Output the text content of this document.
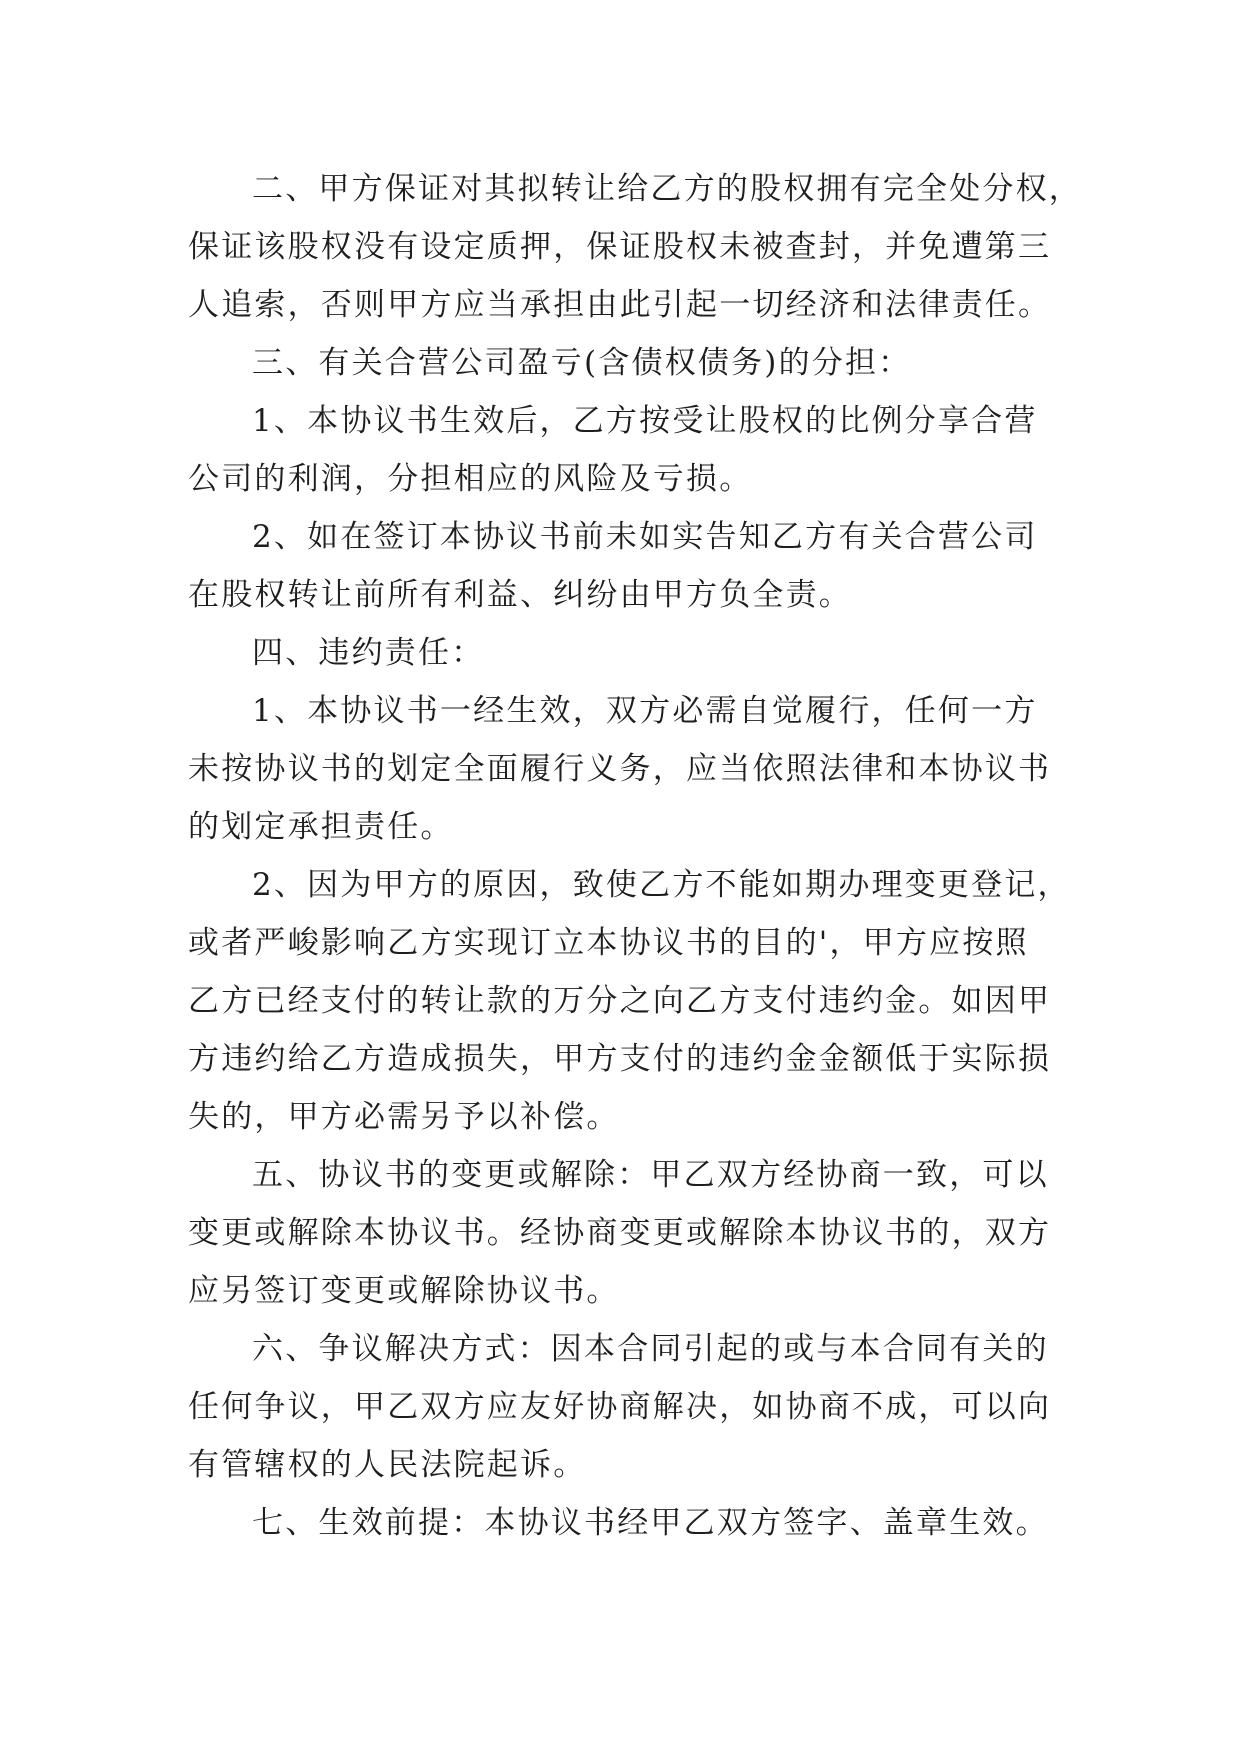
二、甲方保证对其拟转让给乙方的股权拥有完全处分权，
保证该股权没有设定质押，保证股权未被查封，并免遭第三
人追索，否则甲方应当承担由此引起一切经济和法律责任。
三、有关合营公司盈亏(含债权债务)的分担：
1、本协议书生效后，乙方按受让股权的比例分享合营
公司的利润，分担相应的风险及亏损。
2、如在签订本协议书前未如实告知乙方有关合营公司
在股权转让前所有利益、纠纷由甲方负全责。
四、违约责任：
1、本协议书一经生效，双方必需自觉履行，任何一方
未按协议书的划定全面履行义务，应当依照法律和本协议书
的划定承担责任。
2、因为甲方的原因，致使乙方不能如期办理变更登记，
或者严峻影响乙方实现订立本协议书的目的'，甲方应按照
乙方已经支付的转让款的万分之向乙方支付违约金。如因甲
方违约给乙方造成损失，甲方支付的违约金金额低于实际损
失的，甲方必需另予以补偿。
五、协议书的变更或解除：甲乙双方经协商一致，可以
变更或解除本协议书。经协商变更或解除本协议书的，双方
应另签订变更或解除协议书。
六、争议解决方式：因本合同引起的或与本合同有关的
任何争议，甲乙双方应友好协商解决，如协商不成，可以向
有管辖权的人民法院起诉。
七、生效前提：本协议书经甲乙双方签字、盖章生效。
